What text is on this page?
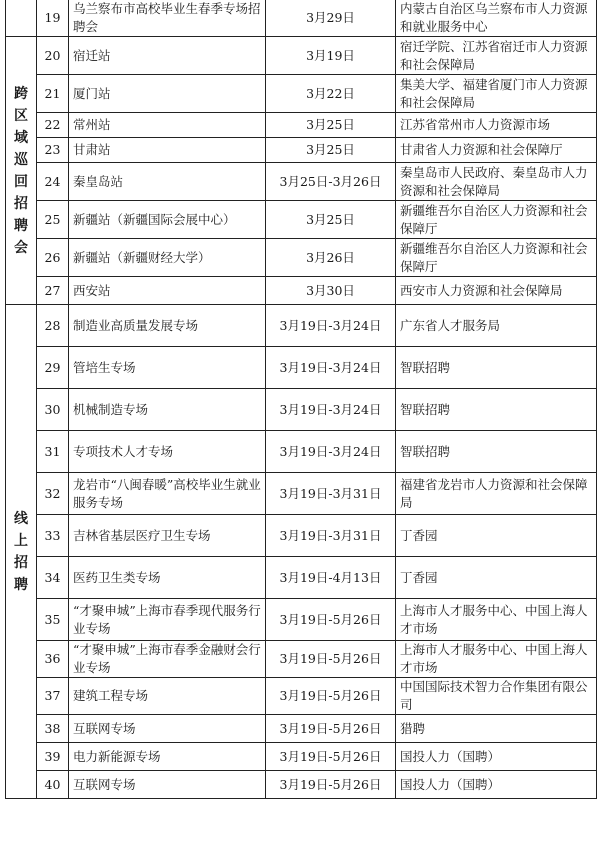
	19	乌兰察布市高校毕业生春季专场招聘会	3月29日	内蒙古自治区乌兰察布市人力资源和就业服务中心
跨区域巡回招聘会	20	宿迁站	3月19日	宿迁学院、江苏省宿迁市人力资源和社会保障局
	21	厦门站	3月22日	集美大学、福建省厦门市人力资源和社会保障局
	22	常州站	3月25日	江苏省常州市人力资源市场
	23	甘肃站	3月25日	甘肃省人力资源和社会保障厅
	24	秦皇岛站	3月25日-3月26日	秦皇岛市人民政府、秦皇岛市人力资源和社会保障局
	25	新疆站（新疆国际会展中心）	3月25日	新疆维吾尔自治区人力资源和社会保障厅
	26	新疆站（新疆财经大学）	3月26日	新疆维吾尔自治区人力资源和社会保障厅
	27	西安站	3月30日	西安市人力资源和社会保障局
线上招聘	28	制造业高质量发展专场	3月19日-3月24日	广东省人才服务局
	29	管培生专场	3月19日-3月24日	智联招聘
	30	机械制造专场	3月19日-3月24日	智联招聘
	31	专项技术人才专场	3月19日-3月24日	智联招聘
	32	龙岩市“八闽春暖”高校毕业生就业服务专场	3月19日-3月31日	福建省龙岩市人力资源和社会保障局
	33	吉林省基层医疗卫生专场	3月19日-3月31日	丁香园
	34	医药卫生类专场	3月19日-4月13日	丁香园
	35	“才聚申城”上海市春季现代服务行业专场	3月19日-5月26日	上海市人才服务中心、中国上海人才市场
	36	“才聚申城”上海市春季金融财会行业专场	3月19日-5月26日	上海市人才服务中心、中国上海人才市场
	37	建筑工程专场	3月19日-5月26日	中国国际技术智力合作集团有限公司
	38	互联网专场	3月19日-5月26日	猎聘
	39	电力新能源专场	3月19日-5月26日	国投人力（国聘）
	40	互联网专场	3月19日-5月26日	国投人力（国聘）
